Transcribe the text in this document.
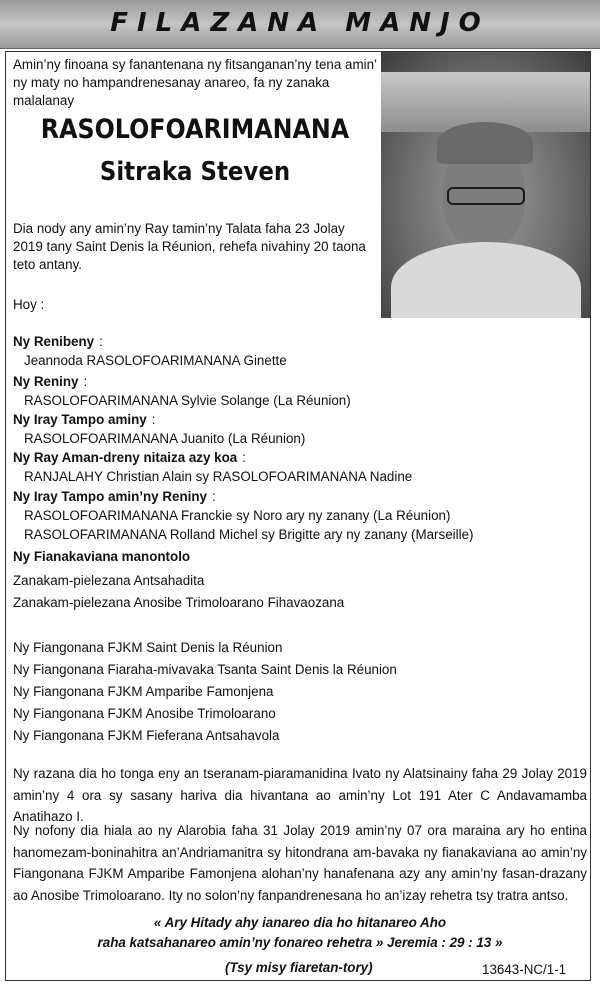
FILAZANA MANJO
Amin’ny finoana sy fanantenana ny fitsanganan’ny tena amin’ ny maty no hampandrenesanay anareo, fa ny zanaka malalanay
RASOLOFOARIMANANA
Sitraka Steven
Dia nody any amin’ny Ray tamin’ny Talata faha 23 Jolay 2019 tany Saint Denis la Réunion, rehefa nivahiny 20 taona teto antany.
Hoy :
Ny Renibeny :
Jeannoda RASOLOFOARIMANANA Ginette
Ny Reniny :
RASOLOFOARIMANANA Sylvie Solange (La Réunion)
Ny Iray Tampo aminy :
RASOLOFOARIMANANA Juanito (La Réunion)
Ny Ray Aman-dreny nitaiza azy koa :
RANJALAHY Christian Alain sy RASOLOFOARIMANANA Nadine
Ny Iray Tampo amin’ny Reniny :
RASOLOFOARIMANANA Franckie sy Noro ary ny zanany (La Réunion)
RASOLOFARIMANANA Rolland Michel sy Brigitte ary ny zanany (Marseille)
Ny Fianakaviana manontolo
Zanakam-pielezana Antsahadita
Zanakam-pielezana Anosibe Trimoloarano Fihavaozana
Ny Fiangonana FJKM Saint Denis la Réunion
Ny Fiangonana Fiaraha-mivavaka Tsanta Saint Denis la Réunion
Ny Fiangonana FJKM Amparibe Famonjena
Ny Fiangonana FJKM Anosibe Trimoloarano
Ny Fiangonana FJKM Fieferana Antsahavola
Ny razana dia ho tonga eny an tseranam-piaramanidina Ivato ny Alatsinainy faha 29 Jolay 2019 amin’ny 4 ora sy sasany hariva dia hivantana ao amin’ny Lot 191 Ater C Andavamamba Anatihazo I.
Ny nofony dia hiala ao ny Alarobia faha 31 Jolay 2019 amin’ny 07 ora maraina ary ho entina hanomezam-boninahitra an’Andriamanitra sy hitondrana am-bavaka ny fianakaviana ao amin’ny Fiangonana FJKM Amparibe Famonjena alohan’ny hanafenana azy any amin’ny fasan-drazany ao Anosibe Trimoloarano. Ity no solon’ny fanpandrenesana ho an’izay rehetra tsy tratra antso.
« Ary Hitady ahy ianareo dia ho hitanareo Aho
raha katsahanareo amin’ny fonareo rehetra » Jeremia : 29 : 13 »
(Tsy misy fiaretan-tory)	13643-NC/1-1
